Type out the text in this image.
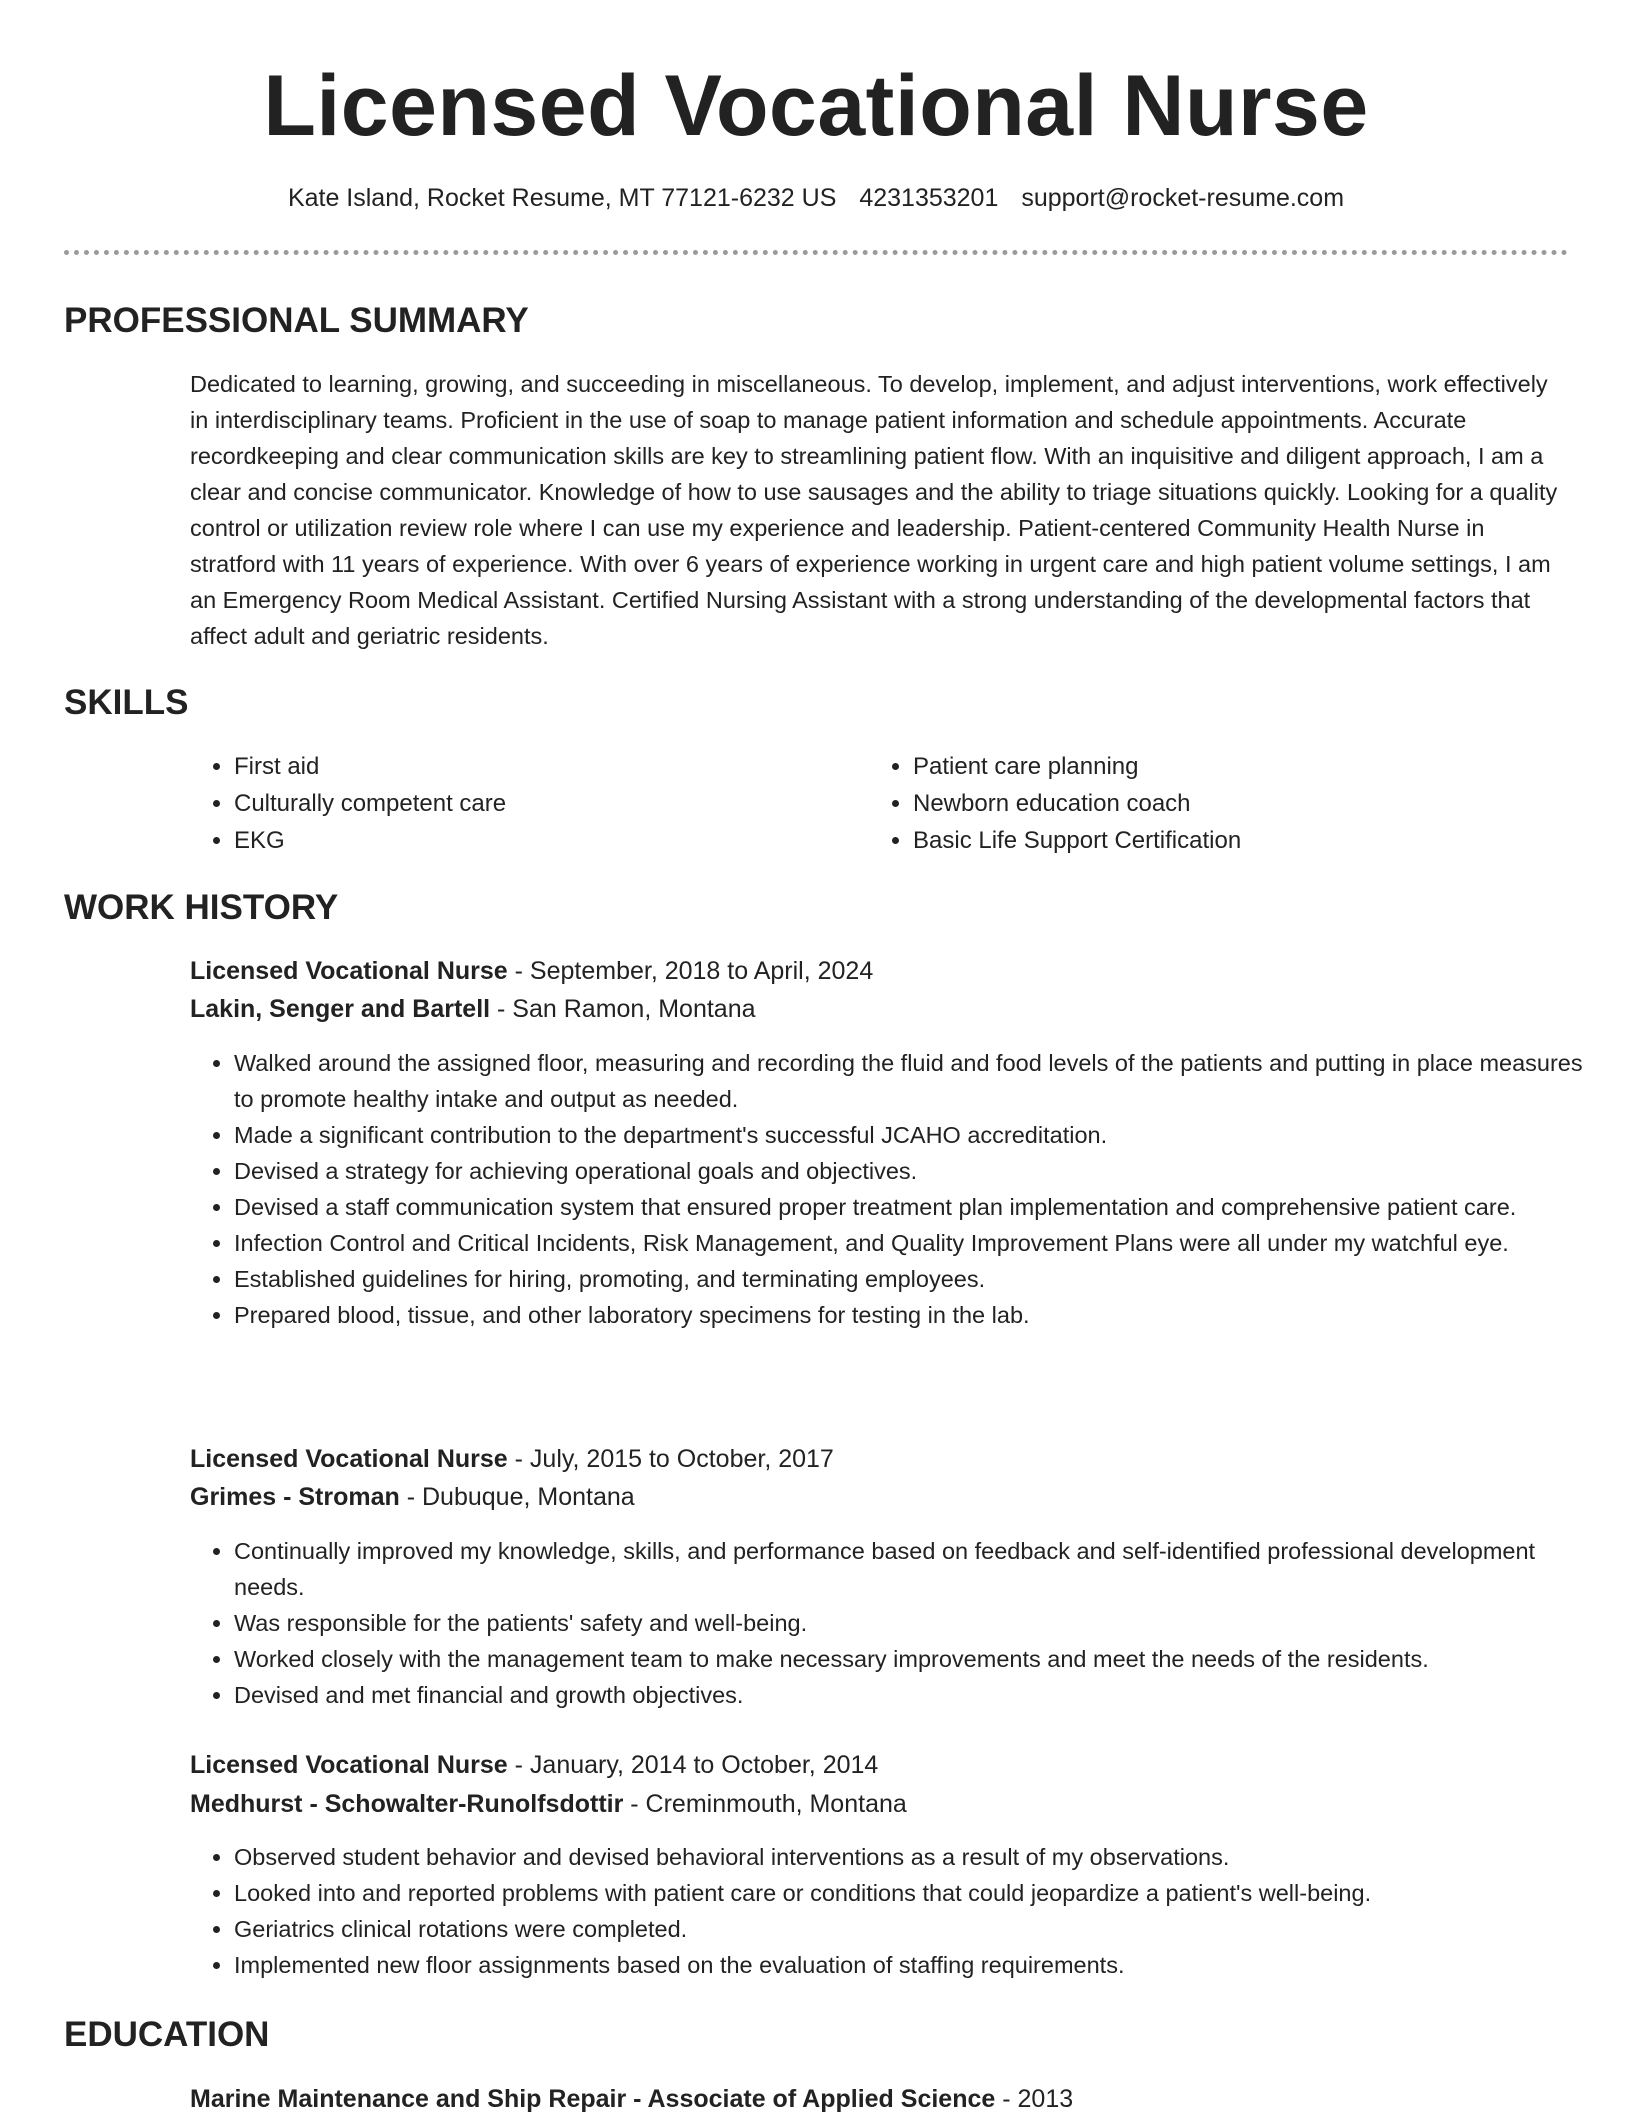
Licensed Vocational Nurse
Kate Island, Rocket Resume, MT 77121-6232 US 4231353201 support@rocket-resume.com
PROFESSIONAL SUMMARY

Dedicated to learning, growing, and succeeding in miscellaneous. To develop, implement, and adjust interventions, work effectively in interdisciplinary teams. Proficient in the use of soap to manage patient information and schedule appointments. Accurate recordkeeping and clear communication skills are key to streamlining patient flow. With an inquisitive and diligent approach, I am a clear and concise communicator. Knowledge of how to use sausages and the ability to triage situations quickly. Looking for a quality control or utilization review role where I can use my experience and leadership. Patient-centered Community Health Nurse in stratford with 11 years of experience. With over 6 years of experience working in urgent care and high patient volume settings, I am an Emergency Room Medical Assistant. Certified Nursing Assistant with a strong understanding of the developmental factors that affect adult and geriatric residents.

SKILLS
• First aid
• Culturally competent care
• EKG
• Patient care planning
• Newborn education coach
• Basic Life Support Certification
WORK HISTORY
Licensed Vocational Nurse - September, 2018 to April, 2024
Lakin, Senger and Bartell - San Ramon, Montana
• Walked around the assigned floor, measuring and recording the fluid and food levels of the patients and putting in place measures to promote healthy intake and output as needed.
• Made a significant contribution to the department's successful JCAHO accreditation.
• Devised a strategy for achieving operational goals and objectives.
• Devised a staff communication system that ensured proper treatment plan implementation and comprehensive patient care.
• Infection Control and Critical Incidents, Risk Management, and Quality Improvement Plans were all under my watchful eye.
• Established guidelines for hiring, promoting, and terminating employees.
• Prepared blood, tissue, and other laboratory specimens for testing in the lab.
Licensed Vocational Nurse - July, 2015 to October, 2017
Grimes - Stroman - Dubuque, Montana
• Continually improved my knowledge, skills, and performance based on feedback and self-identified professional development needs.
• Was responsible for the patients' safety and well-being.
• Worked closely with the management team to make necessary improvements and meet the needs of the residents.
• Devised and met financial and growth objectives.
Licensed Vocational Nurse - January, 2014 to October, 2014
Medhurst - Schowalter-Runolfsdottir - Creminmouth, Montana
• Observed student behavior and devised behavioral interventions as a result of my observations.
• Looked into and reported problems with patient care or conditions that could jeopardize a patient's well-being.
• Geriatrics clinical rotations were completed.
• Implemented new floor assignments based on the evaluation of staffing requirements.
EDUCATION
Marine Maintenance and Ship Repair - Associate of Applied Science - 2013
